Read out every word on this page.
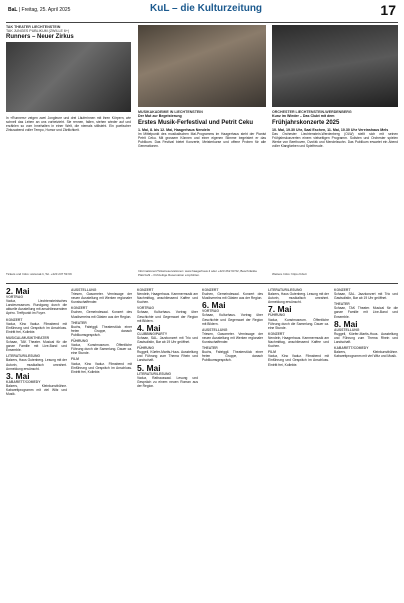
BaL | Freitag, 25. April 2025	KuL – die Kulturzeitung	17
TAK THEATER LIECHTENSTEIN
TAK JUNGES PUBLIKUM (ZWILLE 6+)
Runners – Neuer Zirkus
In «Runners» zeigen zwei Jongleure und drei Läuferinnen mit ihren Körpern, wie schnell das Leben an uns vorbeizieht. Sie rennen, fallen, stehen wieder auf und erzählen so vom Innehalten in einer Welt, die niemals stillsteht. Ein poetischer Zirkusabend voller Tempo, Humor und Zärtlichkeit.
MUSIKAKADEMIE IN LIECHTENSTEIN
Der Mut zur Begeisterung
Erstes Musik-Ferfestival und Petrit Ceku
1. Mai, 8. bis 12. Mai, Haagerhaus Nendeln
Im Mittelpunkt des musikalischen Mai-Programms im Haagerhaus steht der Pianist Petrit Ceku. Mit grossem Können und einer eigenen Stimme begeistert er das Publikum. Das Festival bietet Konzerte, Meisterkurse und offene Proben für alle Generationen.
ORCHESTER LIECHTENSTEIN-WERDENBERG
Kunz im Wieder – Das Clubt mit dem
Frühjahrskonzerte 2025
10. Mai, 19.30 Uhr, Saal Eschen, 11. Mai, 10.30 Uhr Vereinshaus Mels
Das Orchester Liechtenstein-Werdenberg (OLW) stellt sich mit seinen Frühjahrskonzerten einem vielseitigen Programm. Solisten und Orchester spielen Werke von Beethoven, Dvořák und Mendelssohn. Das Publikum erwartet ein Abend voller Klangfarben und Spielfreude.
Tickets und Infos: www.tak.li, Tel. +423 237 59 69
Informationen/Ticketreservationen: www.haagerhaus.li oder +423 262 63 52, Beschränkte Platzzahl – frühzeitige Reservation empfohlen.	Weitere Infos: https://olw.li
2. Mai
VORTRAG
Vaduz, Liechtensteinisches Landesmuseum. Rundgang durch die aktuelle Ausstellung mit anschliessendem Apéro. Treffpunkt im Foyer.
KONZERT
Vaduz, Kino Vaduz. Filmabend mit Einführung und Gespräch im Anschluss. Eintritt frei, Kollekte.
MUSICAL/MUSIKTHEATER
Schaan, TAK Theater. Musical für die ganze Familie mit Live-Band und Ensemble.
LITERATUR/LESUNG
Balzers, Haus Gutenberg. Lesung mit der Autorin, musikalisch umrahmt. Anmeldung erwünscht.
3. Mai
KABARETT/COMEDY
Balzers, Kleinkunstbühne. Kabarettprogramm mit viel Witz und Musik.
AUSSTELLUNG
Triesen, Gasometer. Vernissage der neuen Ausstellung mit Werken regionaler Kunstschaffender.
KONZERT
Eschen, Gemeindesaal. Konzert des Musikvereins mit Gästen aus der Region.
THEATER
Buchs, Fabriggli. Theaterstück einer freien Gruppe, danach Publikumsgespräch.
FÜHRUNG
Vaduz, Kunstmuseum. Öffentliche Führung durch die Sammlung. Dauer ca. eine Stunde.
FILM
Vaduz, Kino Vaduz. Filmabend mit Einführung und Gespräch im Anschluss. Eintritt frei, Kollekte.
KONZERT
Nendeln, Haagerhaus. Kammermusik am Nachmittag, anschliessend Kaffee und Kuchen.
VORTRAG
Schaan, Kulturhaus. Vortrag über Geschichte und Gegenwart der Region mit Bildern.
4. Mai
CLUBBING/PARTY
Schaan, SAL. Jazzkonzert mit Trio und Gastsolistin, Bar ab 19 Uhr geöffnet.
FÜHRUNG
Ruggell, Küefer-Martis-Huus. Ausstellung und Führung zum Thema Rhein und Landschaft.
5. Mai
LITERATUR/LESUNG
Vaduz, Rathaussaal. Lesung und Gespräch zu einem neuen Roman aus der Region.
KONZERT
Eschen, Gemeindesaal. Konzert des Musikvereins mit Gästen aus der Region.
6. Mai
VORTRAG
Schaan, Kulturhaus. Vortrag über Geschichte und Gegenwart der Region mit Bildern.
AUSSTELLUNG
Triesen, Gasometer. Vernissage der neuen Ausstellung mit Werken regionaler Kunstschaffender.
THEATER
Buchs, Fabriggli. Theaterstück einer freien Gruppe, danach Publikumsgespräch.
LITERATUR/LESUNG
Balzers, Haus Gutenberg. Lesung mit der Autorin, musikalisch umrahmt. Anmeldung erwünscht.
7. Mai
FÜHRUNG
Vaduz, Kunstmuseum. Öffentliche Führung durch die Sammlung. Dauer ca. eine Stunde.
KONZERT
Nendeln, Haagerhaus. Kammermusik am Nachmittag, anschliessend Kaffee und Kuchen.
FILM
Vaduz, Kino Vaduz. Filmabend mit Einführung und Gespräch im Anschluss. Eintritt frei, Kollekte.
KONZERT
Schaan, SAL. Jazzkonzert mit Trio und Gastsolistin, Bar ab 19 Uhr geöffnet.
THEATER
Schaan, TAK Theater. Musical für die ganze Familie mit Live-Band und Ensemble.
8. Mai
AUSSTELLUNG
Ruggell, Küefer-Martis-Huus. Ausstellung und Führung zum Thema Rhein und Landschaft.
KABARETT/COMEDY
Balzers, Kleinkunstbühne. Kabarettprogramm mit viel Witz und Musik.
